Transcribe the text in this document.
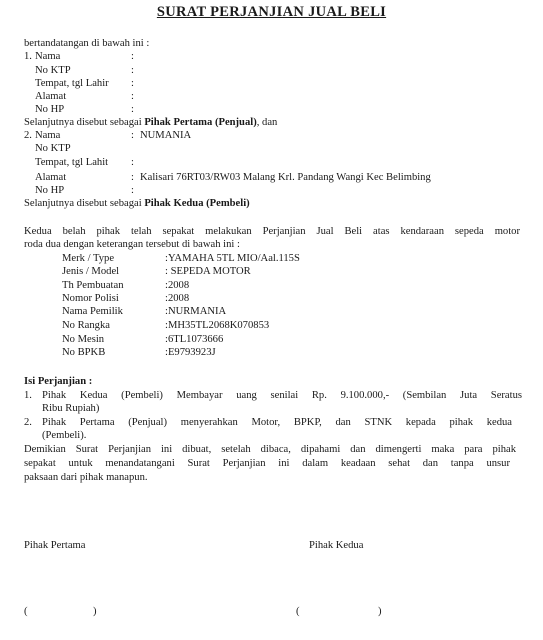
SURAT PERJANJIAN JUAL BELI
bertandatangan di bawah ini :
1. Nama	:
No KTP	:
Tempat, tgl Lahir :
Alamat	:
No HP	:
Selanjutnya disebut sebagai Pihak Pertama (Penjual), dan
2. Nama	: NUMANIA
No KTP
Tempat, tgl Lahit :
Alamat	: Kalisari 76RT03/RW03 Malang Krl. Pandang Wangi Kec Belimbing
No HP	:
Selanjutnya disebut sebagai Pihak Kedua (Pembeli)
Kedua belah pihak telah sepakat melakukan Perjanjian Jual Beli atas kendaraan sepeda motor
roda dua dengan keterangan tersebut di bawah ini :
Merk / Type	:YAMAHA 5TL MIO/Aal.115S
Jenis / Model	: SEPEDA MOTOR
Th Pembuatan	:2008
Nomor Polisi	:2008
Nama Pemilik	:NURMANIA
No Rangka	:MH35TL2068K070853
No Mesin	:6TL1073666
No BPKB	:E9793923J
Isi Perjanjian :
1. Pihak Kedua (Pembeli) Membayar uang senilai Rp. 9.100.000,- (Sembilan Juta Seratus
Ribu Rupiah)
2. Pihak Pertama (Penjual) menyerahkan Motor, BPKP, dan STNK kepada pihak kedua
(Pembeli).
Demikian Surat Perjanjian ini dibuat, setelah dibaca, dipahami dan dimengerti maka para pihak
sepakat untuk menandatangani Surat Perjanjian ini dalam keadaan sehat dan tanpa unsur
paksaan dari pihak manapun.
Pihak Pertama	Pihak Kedua
(	)	(	)
